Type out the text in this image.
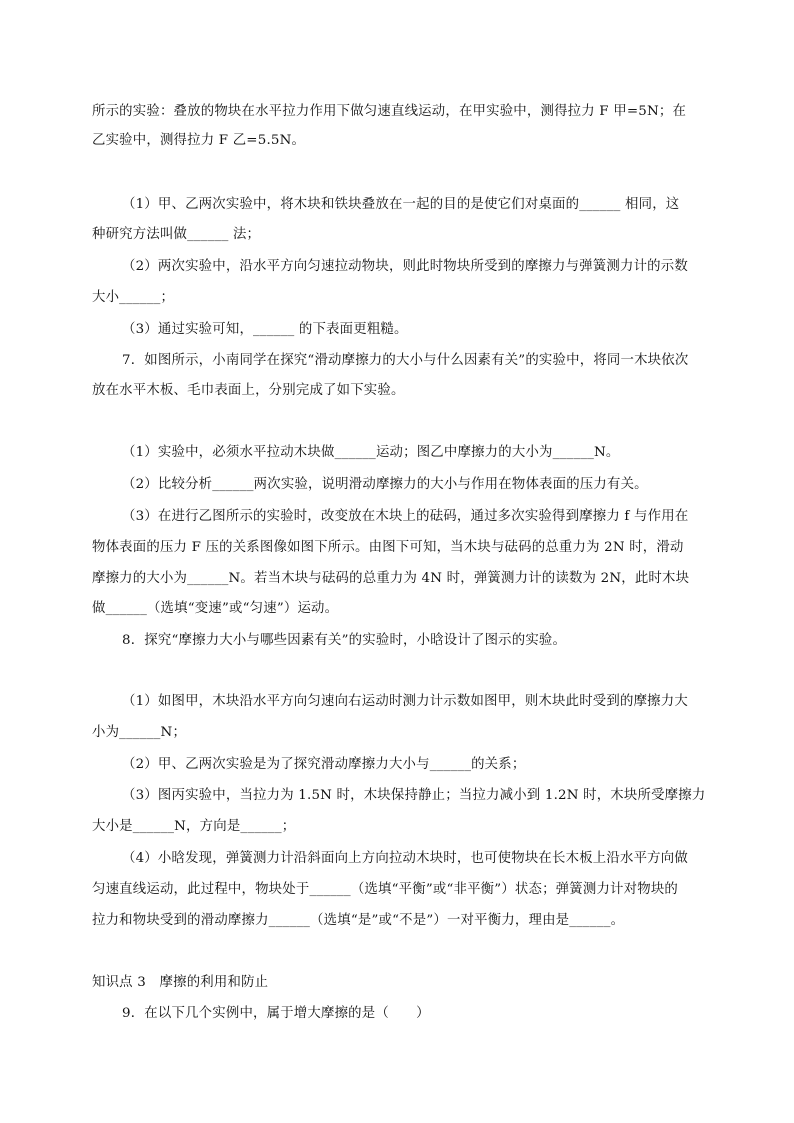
所示的实验：叠放的物块在水平拉力作用下做匀速直线运动，在甲实验中，测得拉力 F 甲=5N；在
乙实验中，测得拉力 F 乙=5.5N。
（1）甲、乙两次实验中，将木块和铁块叠放在一起的目的是使它们对桌面的______ 相同，这
种研究方法叫做______ 法；
（2）两次实验中，沿水平方向匀速拉动物块，则此时物块所受到的摩擦力与弹簧测力计的示数
大小______；
（3）通过实验可知，______ 的下表面更粗糙。
7．如图所示，小南同学在探究“滑动摩擦力的大小与什么因素有关”的实验中，将同一木块依次
放在水平木板、毛巾表面上，分别完成了如下实验。
（1）实验中，必须水平拉动木块做______运动；图乙中摩擦力的大小为______N。
（2）比较分析______两次实验，说明滑动摩擦力的大小与作用在物体表面的压力有关。
（3）在进行乙图所示的实验时，改变放在木块上的砝码，通过多次实验得到摩擦力 f 与作用在
物体表面的压力 F 压的关系图像如图下所示。由图下可知，当木块与砝码的总重力为 2N 时，滑动
摩擦力的大小为______N。若当木块与砝码的总重力为 4N 时，弹簧测力计的读数为 2N，此时木块
做______（选填“变速”或“匀速”）运动。
8．探究“摩擦力大小与哪些因素有关”的实验时，小晗设计了图示的实验。
（1）如图甲，木块沿水平方向匀速向右运动时测力计示数如图甲，则木块此时受到的摩擦力大
小为______N；
（2）甲、乙两次实验是为了探究滑动摩擦力大小与______的关系；
（3）图丙实验中，当拉力为 1.5N 时，木块保持静止；当拉力减小到 1.2N 时，木块所受摩擦力
大小是______N，方向是______；
（4）小晗发现，弹簧测力计沿斜面向上方向拉动木块时，也可使物块在长木板上沿水平方向做
匀速直线运动，此过程中，物块处于______（选填“平衡”或“非平衡”）状态；弹簧测力计对物块的
拉力和物块受到的滑动摩擦力______（选填“是”或“不是”）一对平衡力，理由是______。
知识点 3　摩擦的利用和防止
9．在以下几个实例中，属于增大摩擦的是（　　）
